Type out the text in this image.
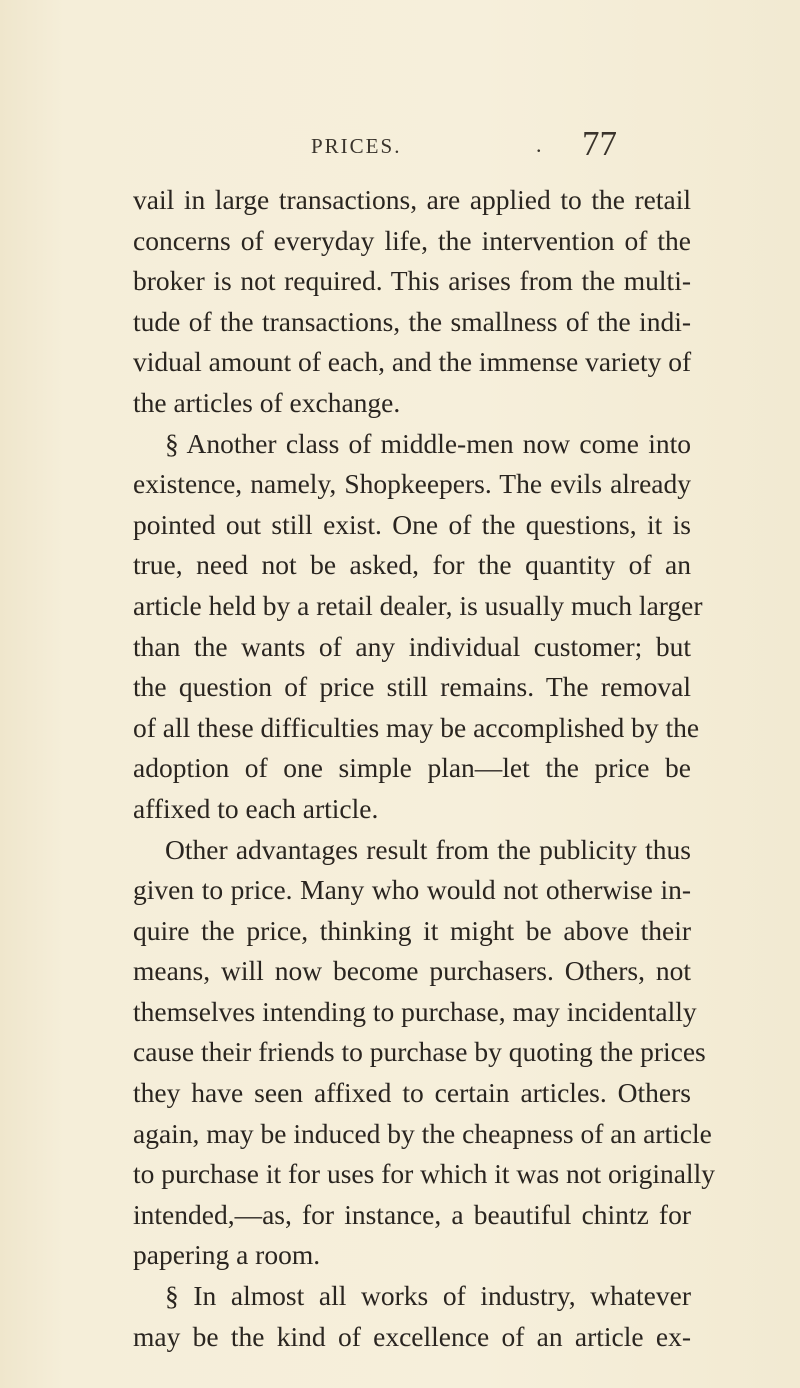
PRICES.	. 77
vail in large transactions, are applied to the retail
concerns of everyday life, the intervention of the
broker is not required. This arises from the multi-
tude of the transactions, the smallness of the indi-
vidual amount of each, and the immense variety of
the articles of exchange.
§ Another class of middle-men now come into
existence, namely, Shopkeepers. The evils already
pointed out still exist. One of the questions, it is
true, need not be asked, for the quantity of an
article held by a retail dealer, is usually much larger
than the wants of any individual customer; but
the question of price still remains. The removal
of all these difficulties may be accomplished by the
adoption of one simple plan—let the price be
affixed to each article.
Other advantages result from the publicity thus
given to price. Many who would not otherwise in-
quire the price, thinking it might be above their
means, will now become purchasers. Others, not
themselves intending to purchase, may incidentally
cause their friends to purchase by quoting the prices
they have seen affixed to certain articles. Others
again, may be induced by the cheapness of an article
to purchase it for uses for which it was not originally
intended,—as, for instance, a beautiful chintz for
papering a room.
§ In almost all works of industry, whatever
may be the kind of excellence of an article ex-
